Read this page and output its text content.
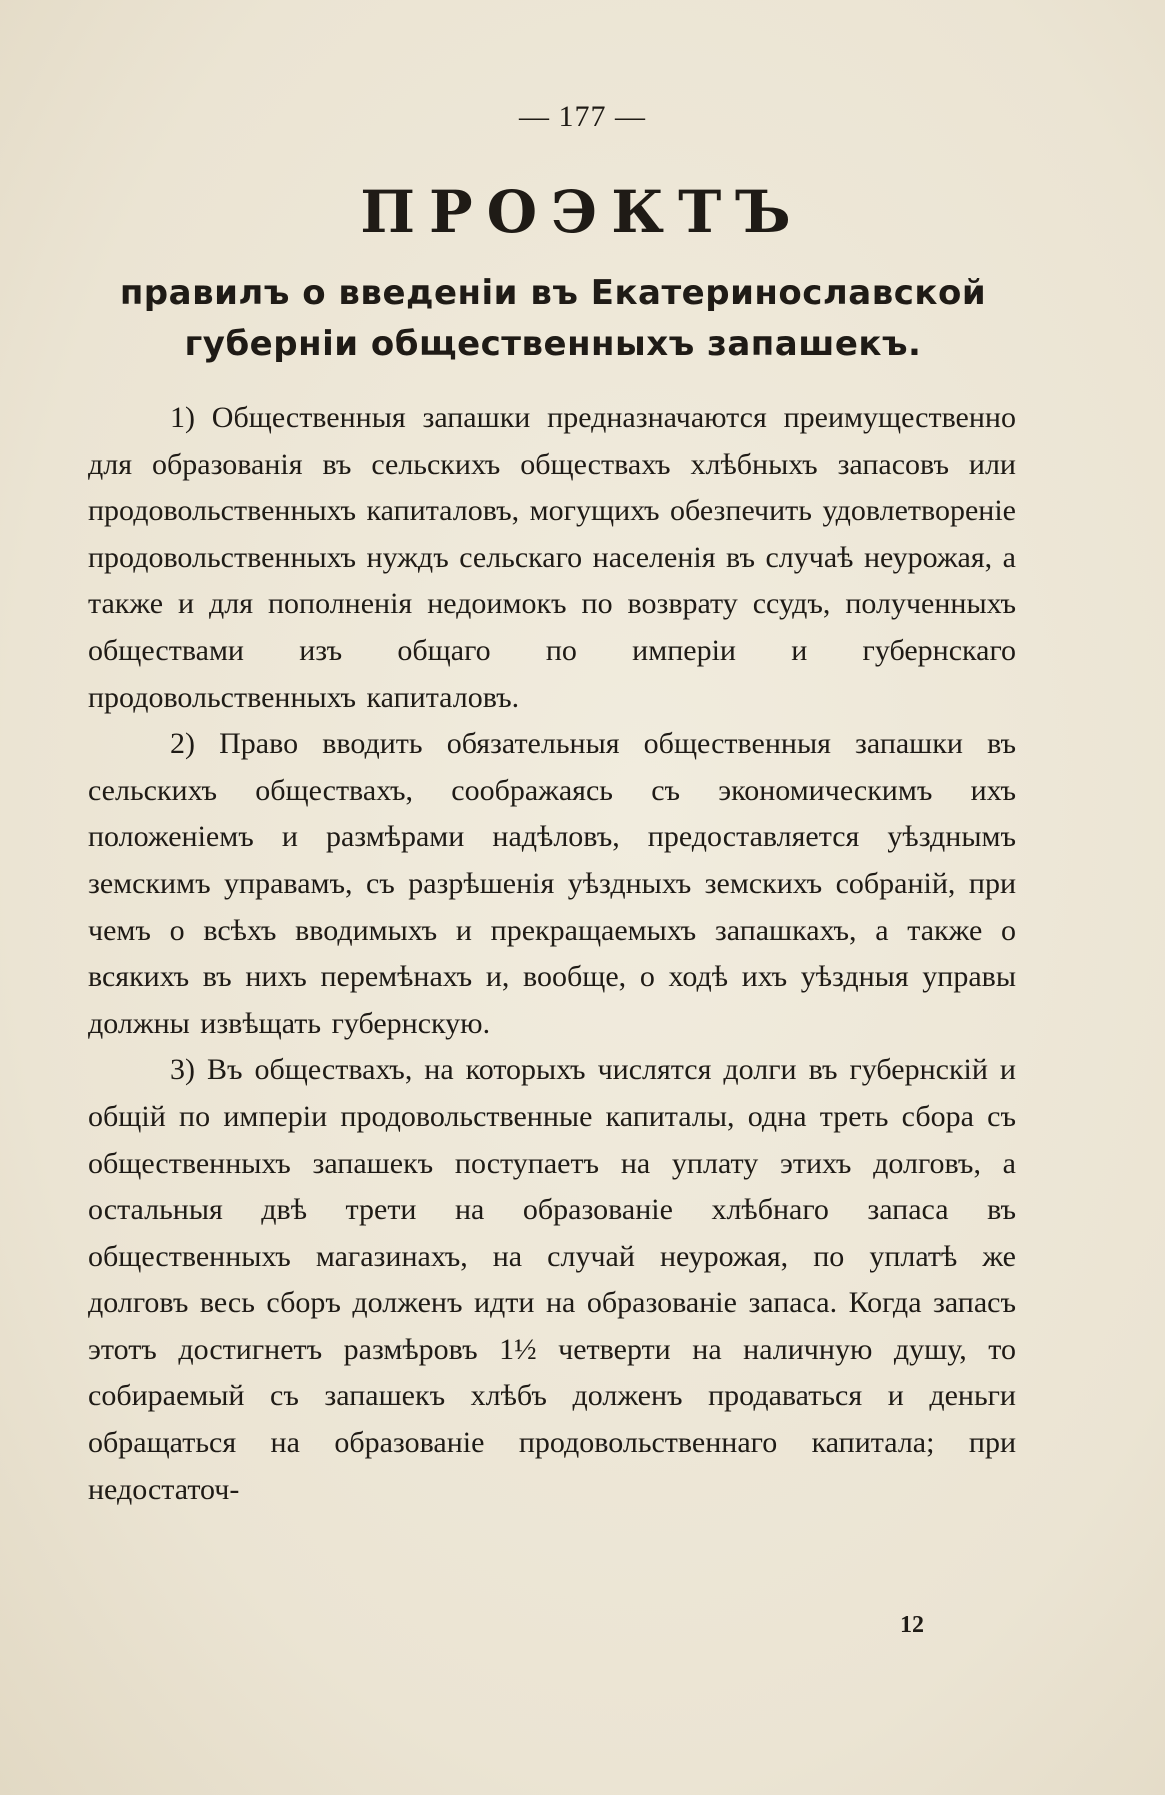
— 177 —
ПРОЭКТЪ
правилъ о введеніи въ Екатеринославской губерніи общественныхъ запашекъ.

1) Общественныя запашки предназначаются преимущественно для образованія въ сельскихъ обществахъ хлѣбныхъ запасовъ или продовольственныхъ капиталовъ, могущихъ обезпечить удовлетвореніе продовольственныхъ нуждъ сельскаго населенія въ случаѣ неурожая, а также и для пополненія недоимокъ по возврату ссудъ, полученныхъ обществами изъ общаго по имперіи и губернскаго продовольственныхъ капиталовъ.

2) Право вводить обязательныя общественныя запашки въ сельскихъ обществахъ, соображаясь съ экономическимъ ихъ положеніемъ и размѣрами надѣловъ, предоставляется уѣзднымъ земскимъ управамъ, съ разрѣшенія уѣздныхъ земскихъ собраній, при чемъ о всѣхъ вводимыхъ и прекращаемыхъ запашкахъ, а также о всякихъ въ нихъ перемѣнахъ и, вообще, о ходѣ ихъ уѣздныя управы должны извѣщать губернскую.

3) Въ обществахъ, на которыхъ числятся долги въ губернскій и общій по имперіи продовольственные капиталы, одна треть сбора съ общественныхъ запашекъ поступаетъ на уплату этихъ долговъ, а остальныя двѣ трети на образованіе хлѣбнаго запаса въ общественныхъ магазинахъ, на случай неурожая, по уплатѣ же долговъ весь сборъ долженъ идти на образованіе запаса. Когда запасъ этотъ достигнетъ размѣровъ 1½ четверти на наличную душу, то собираемый съ запашекъ хлѣбъ долженъ продаваться и деньги обращаться на образованіе продовольственнаго капитала; при недостаточ-

12
